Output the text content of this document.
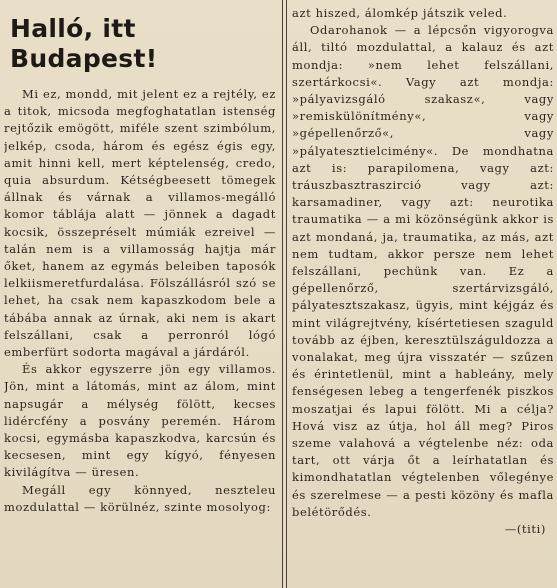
Halló, itt Budapest!

Mi ez, mondd, mit jelent ez a rejtély, ez a titok, micsoda megfoghatatlan istenség rejtőzik emögött, miféle szent szimbólum, jelkép, csoda, három és egész égis egy, amit hinni kell, mert képtelenség, credo, quia absurdum. Kétségbeesett tömegek állnak és várnak a villamos-megálló komor táblája alatt — jönnek a dagadt kocsik, összepréselt múmiák ezreivel — talán nem is a villamosság hajtja már őket, hanem az egymás beleiben taposók lelkiismeretfurdalása. Fölszállásról szó se lehet, ha csak nem kapaszkodom bele a tábába annak az úrnak, aki nem is akart felszállani, csak a perronról lógó emberfürt sodorta magával a járdáról.

És akkor egyszerre jön egy villamos. Jön, mint a látomás, mint az álom, mint napsugár a mélység fölött, kecses lidércfény a posvány peremén. Három kocsi, egymásba kapaszkodva, karcsún és kecsesen, mint egy kígyó, fényesen kivilágítva — üresen.

Megáll egy könnyed, neszteleu mozdulattal — körülnéz, szinte mosolyog:

azt hiszed, álomkép játszik veled.

Odarohanok — a lépcsőn vigyorogva áll, tiltó mozdulattal, a kalauz és azt mondja: »nem lehet felszállani, szertárkocsi«. Vagy azt mondja: »pályavizsgáló szakasz«, vagy »remiskülönítmény«, vagy »gépellenőrző«, vagy »pályatesztielcimény«. De mondhatna azt is: parapilomena, vagy azt: tráuszbasztraszirció vagy azt: karsamadiner, vagy azt: neurotika traumatika — a mi közönségünk akkor is azt mondaná, ja, traumatika, az más, azt nem tudtam, akkor persze nem lehet felszállani, pechünk van. Ez a gépellenőrző, szertárvizsgáló, pályatesztszakasz, ügyis, mint kéjgáz és mint világrejtvény, kísértetiesen szaguld tovább az éjben, keresztülszáguldozza a vonalakat, meg újra visszatér — szűzen és érintetlenül, mint a hableány, mely fenségesen lebeg a tengerfenék piszkos moszatjai és lapui fölött. Mi a célja? Hová visz az útja, hol áll meg? Piros szeme valahová a végtelenbe néz: oda tart, ott várja őt a leírhatatlan és kimondhatatlan végtelenben vőlegénye és szerelmese — a pesti közöny és mafla belétörődés.

—(titi)
